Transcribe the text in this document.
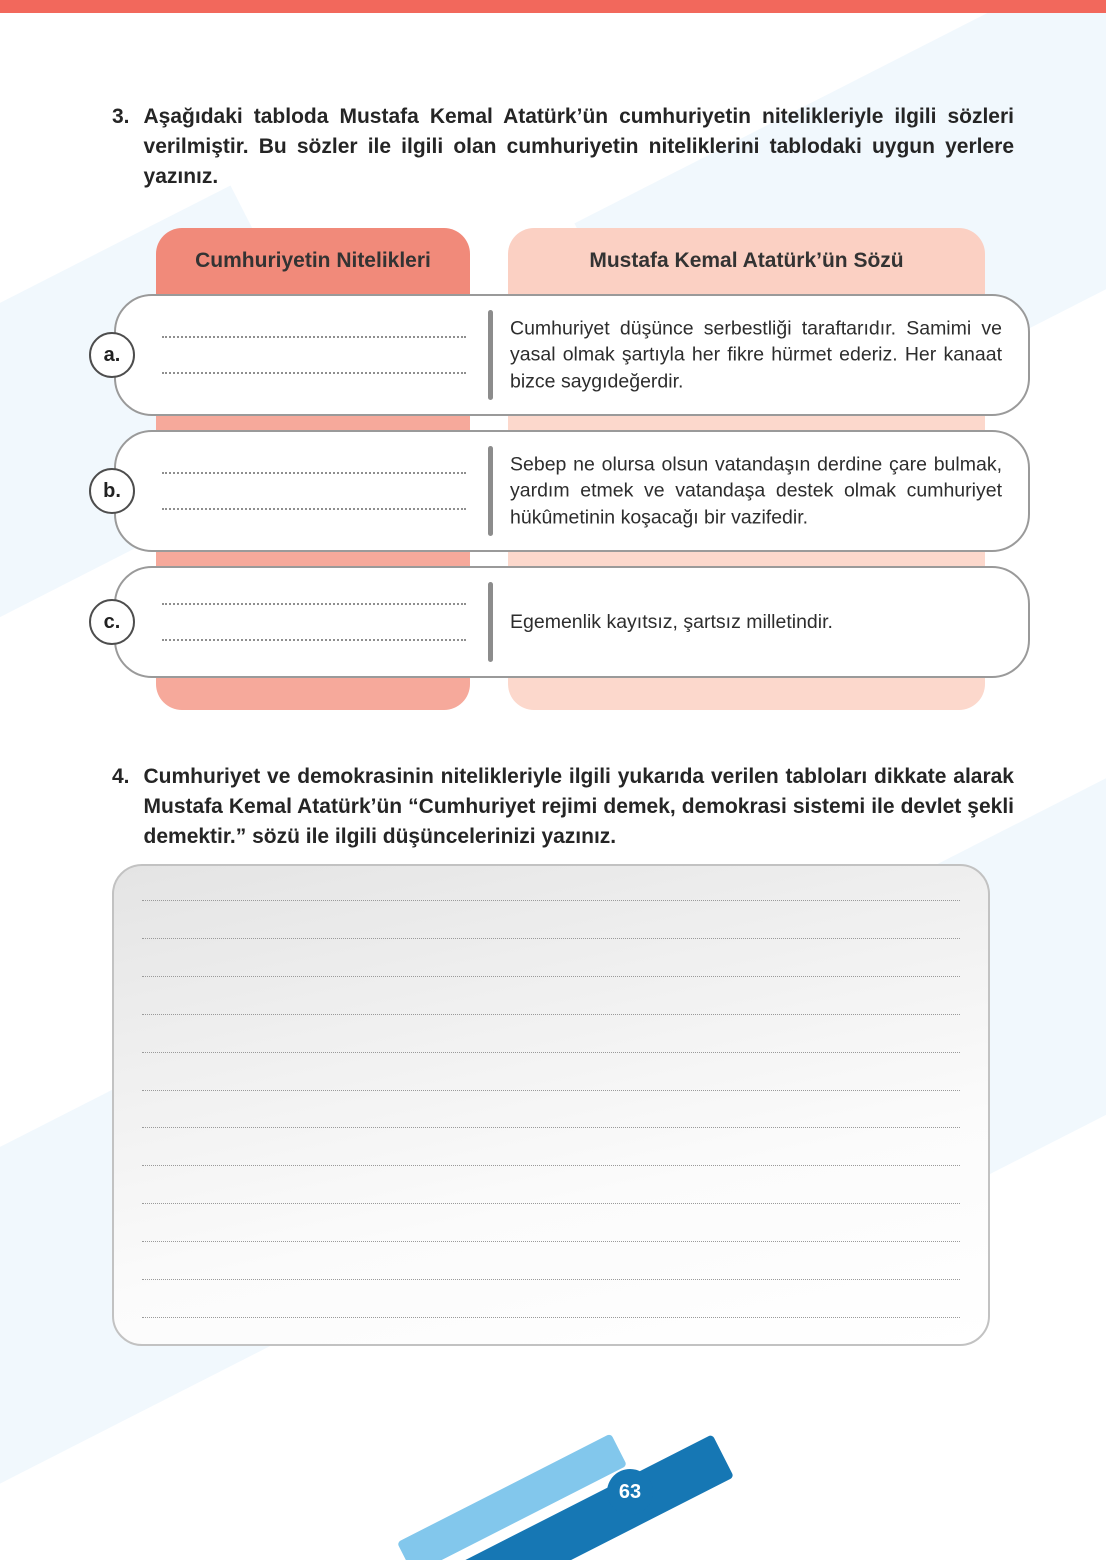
3. Aşağıdaki tabloda Mustafa Kemal Atatürk’ün cumhuriyetin nitelikleriyle ilgili sözleri verilmiştir. Bu sözler ile ilgili olan cumhuriyetin niteliklerini tablodaki uygun yerlere yazınız.
Cumhuriyetin Nitelikleri	Mustafa Kemal Atatürk’ün Sözü
a.
Cumhuriyet düşünce serbestliği taraftarıdır. Samimi ve yasal olmak şartıyla her fikre hürmet ederiz. Her kanaat bizce saygıdeğerdir.
b.
Sebep ne olursa olsun vatandaşın derdine çare bulmak, yardım etmek ve vatandaşa destek olmak cumhuriyet hükûmetinin koşacağı bir vazifedir.
c.	Egemenlik kayıtsız, şartsız milletindir.
4. Cumhuriyet ve demokrasinin nitelikleriyle ilgili yukarıda verilen tabloları dikkate alarak Mustafa Kemal Atatürk’ün “Cumhuriyet rejimi demek, demokrasi sistemi ile devlet şekli demektir.” sözü ile ilgili düşüncelerinizi yazınız.
63
